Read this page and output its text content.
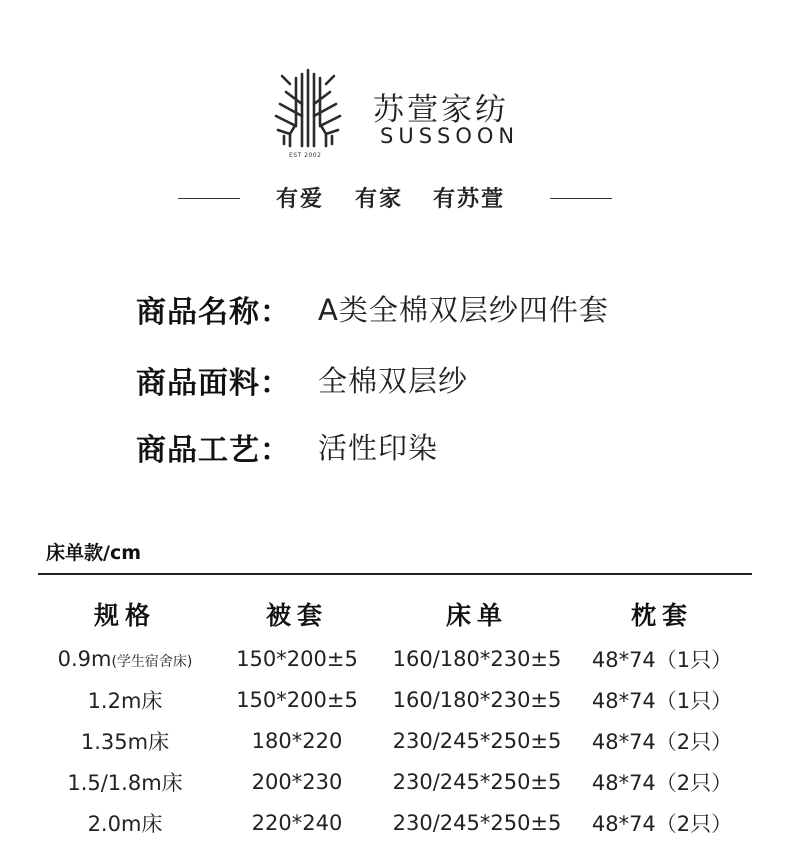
EST 2002
苏萱家纺
SUSSOON
有爱 有家 有苏萱
商品名称： A类全棉双层纱四件套
商品面料： 全棉双层纱
商品工艺： 活性印染
床单款/cm
规格	被套	床单	枕套
0.9m(学生宿舍床)	150*200±5	160/180*230±5	48*74（1只）
1.2m床	150*200±5	160/180*230±5	48*74（1只）
1.35m床	180*220	230/245*250±5	48*74（2只）
1.5/1.8m床	200*230	230/245*250±5	48*74（2只）
2.0m床	220*240	230/245*250±5	48*74（2只）
